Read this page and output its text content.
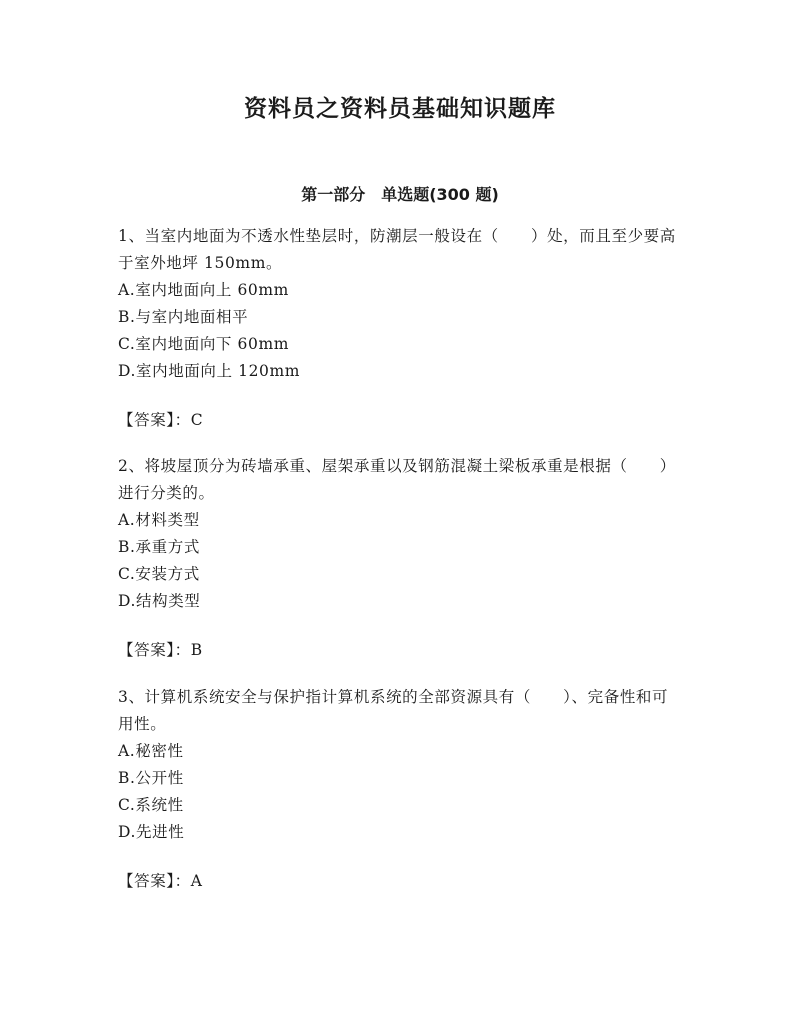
资料员之资料员基础知识题库
第一部分　单选题(300 题)
1、当室内地面为不透水性垫层时，防潮层一般设在（　　）处，而且至少要高于室外地坪 150mm。
A.室内地面向上 60mm
B.与室内地面相平
C.室内地面向下 60mm
D.室内地面向上 120mm
【答案】：C
2、将坡屋顶分为砖墙承重、屋架承重以及钢筋混凝土梁板承重是根据（　　）进行分类的。
A.材料类型
B.承重方式
C.安装方式
D.结构类型
【答案】：B
3、计算机系统安全与保护指计算机系统的全部资源具有（　　）、完备性和可用性。
A.秘密性
B.公开性
C.系统性
D.先进性
【答案】：A
